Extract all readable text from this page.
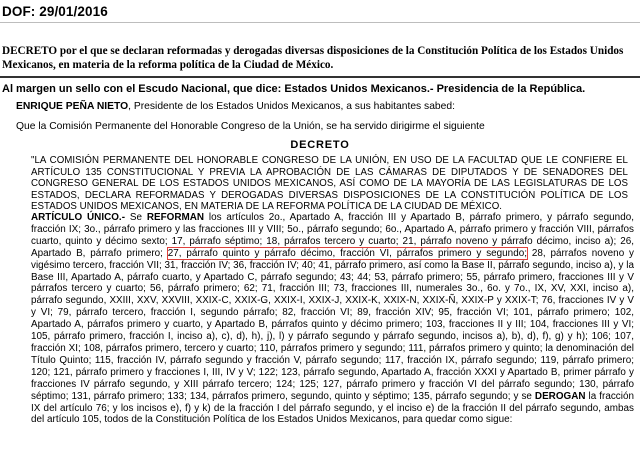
DOF: 29/01/2016

DECRETO por el que se declaran reformadas y derogadas diversas disposiciones de la Constitución Política de los Estados Unidos Mexicanos, en materia de la reforma política de la Ciudad de México.

Al margen un sello con el Escudo Nacional, que dice: Estados Unidos Mexicanos.- Presidencia de la República.

ENRIQUE PEÑA NIETO, Presidente de los Estados Unidos Mexicanos, a sus habitantes sabed:

Que la Comisión Permanente del Honorable Congreso de la Unión, se ha servido dirigirme el siguiente

DECRETO

"LA COMISIÓN PERMANENTE DEL HONORABLE CONGRESO DE LA UNIÓN, EN USO DE LA FACULTAD QUE LE CONFIERE EL ARTÍCULO 135 CONSTITUCIONAL Y PREVIA LA APROBACIÓN DE LAS CÁMARAS DE DIPUTADOS Y DE SENADORES DEL CONGRESO GENERAL DE LOS ESTADOS UNIDOS MEXICANOS, ASÍ COMO DE LA MAYORÍA DE LAS LEGISLATURAS DE LOS ESTADOS, DECLARA REFORMADAS Y DEROGADAS DIVERSAS DISPOSICIONES DE LA CONSTITUCIÓN POLÍTICA DE LOS ESTADOS UNIDOS MEXICANOS, EN MATERIA DE LA REFORMA POLÍTICA DE LA CIUDAD DE MÉXICO.

ARTÍCULO ÚNICO.- Se REFORMAN los artículos 2o., Apartado A, fracción III y Apartado B, párrafo primero, y párrafo segundo, fracción IX; 3o., párrafo primero y las fracciones III y VIII; 5o., párrafo segundo; 6o., Apartado A, párrafo primero y fracción VIII, párrafos cuarto, quinto y décimo sexto; 17, párrafo séptimo; 18, párrafos tercero y cuarto; 21, párrafo noveno y párrafo décimo, inciso a); 26, Apartado B, párrafo primero; 27, párrafo quinto y párrafo décimo, fracción VI, párrafos primero y segundo; 28, párrafos noveno y vigésimo tercero, fracción VII; 31, fracción IV; 36, fracción IV; 40; 41, párrafo primero, así como la Base II, párrafo segundo, inciso a), y la Base III, Apartado A, párrafo cuarto, y Apartado C, párrafo segundo; 43; 44; 53, párrafo primero; 55, párrafo primero, fracciones III y V párrafos tercero y cuarto; 56, párrafo primero; 62; 71, fracción III; 73, fracciones III, numerales 3o., 6o. y 7o., IX, XV, XXI, inciso a), párrafo segundo, XXIII, XXV, XXVIII, XXIX-C, XXIX-G, XXIX-I, XXIX-J, XXIX-K, XXIX-N, XXIX-Ñ, XXIX-P y XXIX-T; 76, fracciones IV y V y VI; 79, párrafo tercero, fracción I, segundo párrafo; 82, fracción VI; 89, fracción XIV; 95, fracción VI; 101, párrafo primero; 102, Apartado A, párrafos primero y cuarto, y Apartado B, párrafos quinto y décimo primero; 103, fracciones II y III; 104, fracciones III y VI; 105, párrafo primero, fracción I, inciso a), c), d), h), j), l) y párrafo segundo y párrafo segundo, incisos a), b), d), f), g) y h); 106; 107, fracción XI; 108, párrafos primero, tercero y cuarto; 110, párrafos primero y segundo; 111, párrafos primero y quinto; la denominación del Título Quinto; 115, fracción IV, párrafo segundo y fracción V, párrafo segundo; 117, fracción IX, párrafo segundo; 119, párrafo primero; 120; 121, párrafo primero y fracciones I, III, IV y V; 122; 123, párrafo segundo, Apartado A, fracción XXXI y Apartado B, primer párrafo y fracciones IV párrafo segundo, y XIII párrafo tercero; 124; 125; 127, párrafo primero y fracción VI del párrafo segundo; 130, párrafo séptimo; 131, párrafo primero; 133; 134, párrafos primero, segundo, quinto y séptimo; 135, párrafo segundo; y se DEROGAN la fracción IX del artículo 76; y los incisos e), f) y k) de la fracción I del párrafo segundo, y el inciso e) de la fracción II del párrafo segundo, ambas del artículo 105, todos de la Constitución Política de los Estados Unidos Mexicanos, para quedar como sigue:
